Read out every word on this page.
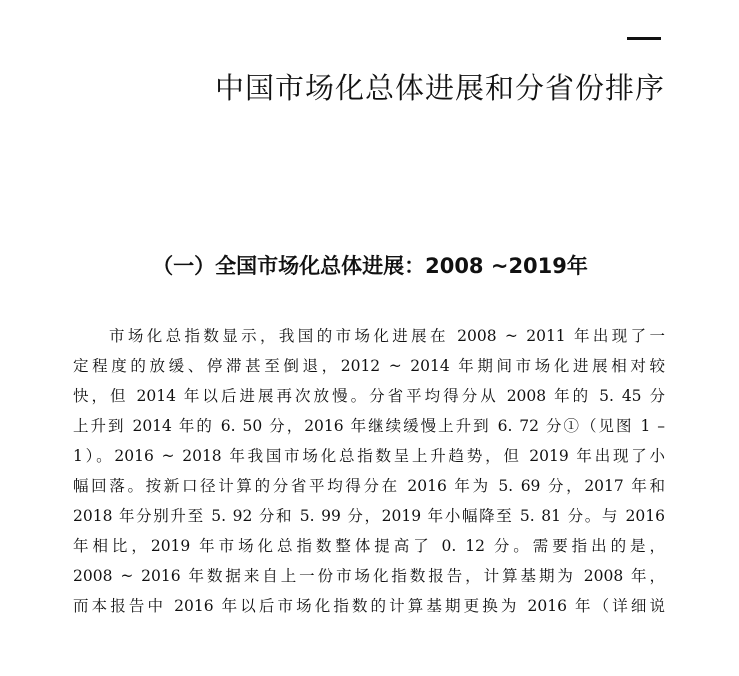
中国市场化总体进展和分省份排序
（一）全国市场化总体进展：2008 ~2019年
市场化总指数显示，我国的市场化进展在 2008 ~ 2011 年出现了一
定程度的放缓、停滞甚至倒退，2012 ~ 2014 年期间市场化进展相对较
快，但 2014 年以后进展再次放慢。分省平均得分从 2008 年的 5. 45 分
上升到 2014 年的 6. 50 分，2016 年继续缓慢上升到 6. 72 分①（见图 1 –
1）。2016 ~ 2018 年我国市场化总指数呈上升趋势，但 2019 年出现了小
幅回落。按新口径计算的分省平均得分在 2016 年为 5. 69 分，2017 年和
2018 年分别升至 5. 92 分和 5. 99 分，2019 年小幅降至 5. 81 分。与 2016
年相比，2019 年市场化总指数整体提高了 0. 12 分。需要指出的是，
2008 ~ 2016 年数据来自上一份市场化指数报告，计算基期为 2008 年，
而本报告中 2016 年以后市场化指数的计算基期更换为 2016 年（详细说
